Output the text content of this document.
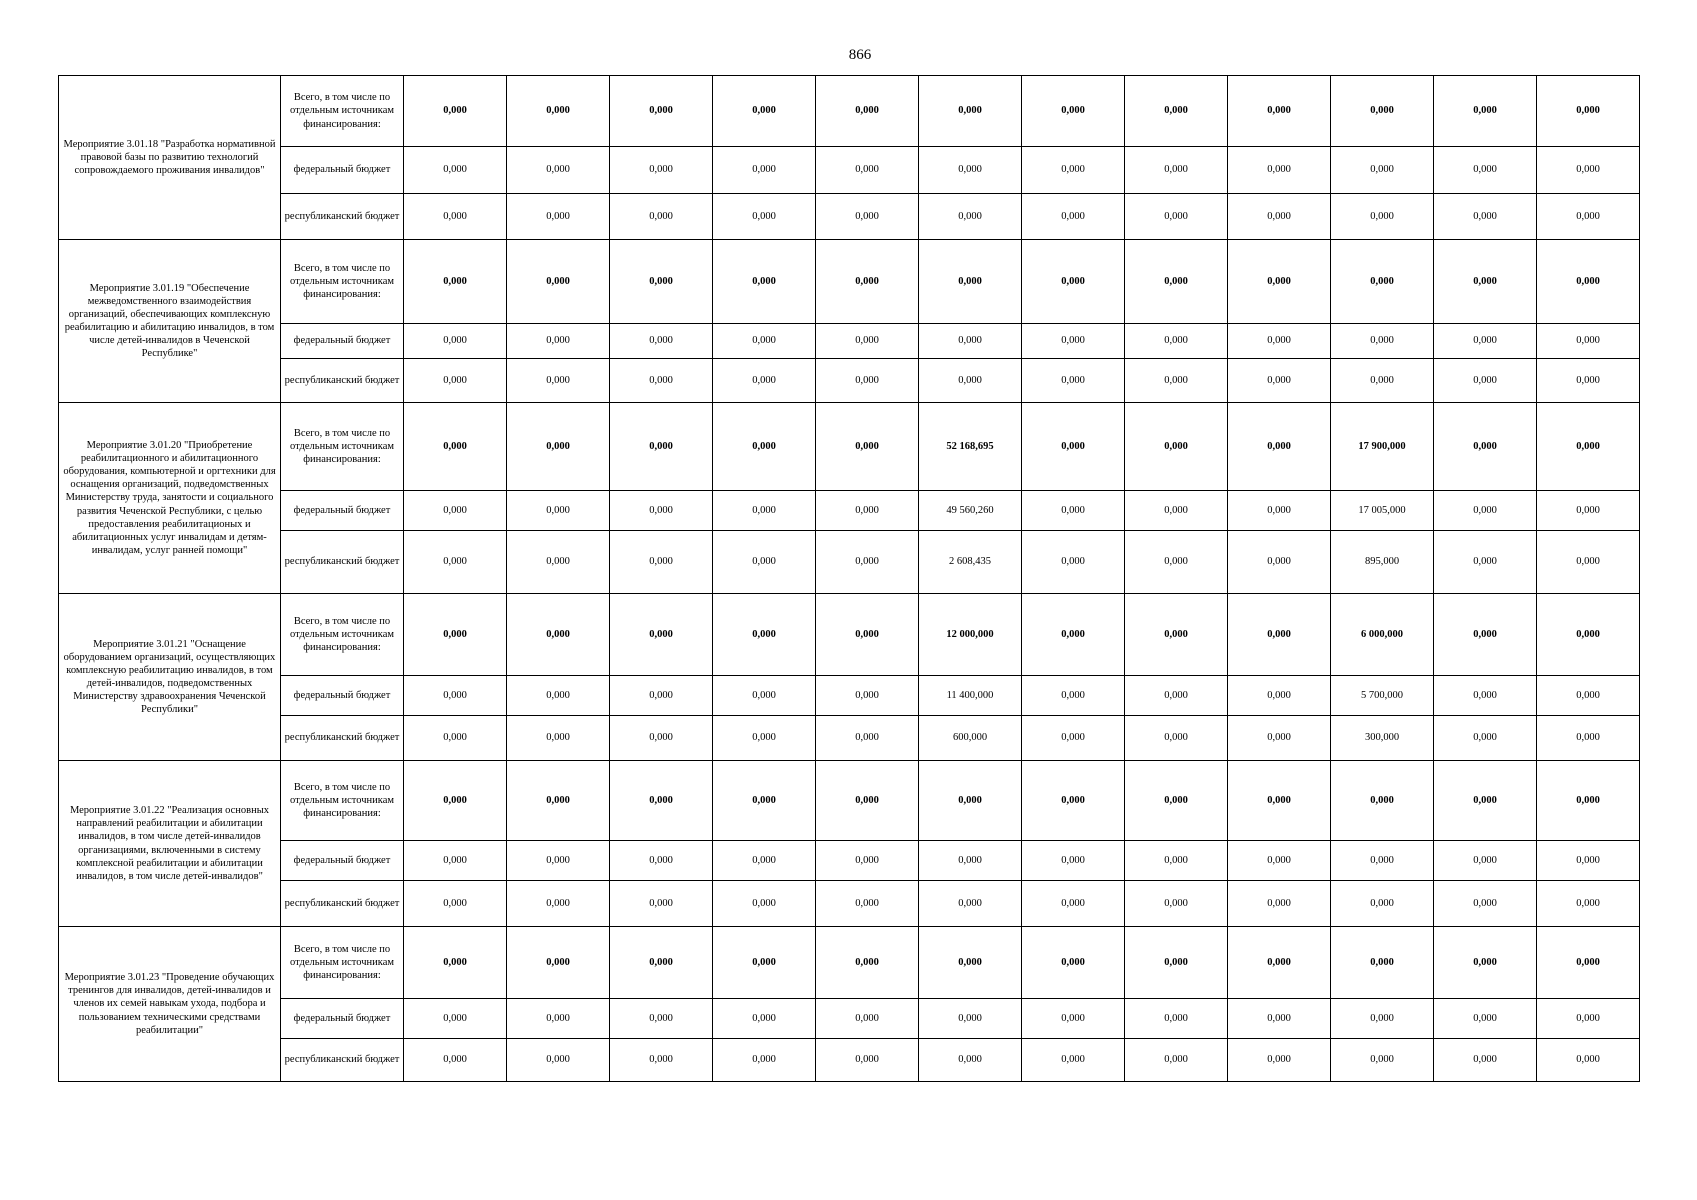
866
Мероприятие 3.01.18 "Разработка нормативной правовой базы по развитию технологий сопровождаемого проживания инвалидов"	Всего, в том числе по отдельным источникам финансирования:	0,000	0,000	0,000	0,000	0,000	0,000	0,000	0,000	0,000	0,000	0,000	0,000
	федеральный бюджет	0,000	0,000	0,000	0,000	0,000	0,000	0,000	0,000	0,000	0,000	0,000	0,000
	республиканский бюджет	0,000	0,000	0,000	0,000	0,000	0,000	0,000	0,000	0,000	0,000	0,000	0,000
Мероприятие 3.01.19 "Обеспечение межведомственного взаимодействия организаций, обеспечивающих комплексную реабилитацию и абилитацию инвалидов, в том числе детей-инвалидов в Чеченской Республике"	Всего, в том числе по отдельным источникам финансирования:	0,000	0,000	0,000	0,000	0,000	0,000	0,000	0,000	0,000	0,000	0,000	0,000
	федеральный бюджет	0,000	0,000	0,000	0,000	0,000	0,000	0,000	0,000	0,000	0,000	0,000	0,000
	республиканский бюджет	0,000	0,000	0,000	0,000	0,000	0,000	0,000	0,000	0,000	0,000	0,000	0,000
Мероприятие 3.01.20 "Приобретение реабилитационного и абилитационного оборудования, компьютерной и оргтехники для оснащения организаций, подведомственных Министерству труда, занятости и социального развития Чеченской Республики, с целью предоставления реабилитационых и абилитационных услуг инвалидам и детям-инвалидам, услуг ранней помощи"	Всего, в том числе по отдельным источникам финансирования:	0,000	0,000	0,000	0,000	0,000	52 168,695	0,000	0,000	0,000	17 900,000	0,000	0,000
	федеральный бюджет	0,000	0,000	0,000	0,000	0,000	49 560,260	0,000	0,000	0,000	17 005,000	0,000	0,000
	республиканский бюджет	0,000	0,000	0,000	0,000	0,000	2 608,435	0,000	0,000	0,000	895,000	0,000	0,000
Мероприятие 3.01.21 "Оснащение оборудованием организаций, осуществляющих комплексную реабилитацию инвалидов, в том детей-инвалидов, подведомственных Министерству здравоохранения Чеченской Республики"	Всего, в том числе по отдельным источникам финансирования:	0,000	0,000	0,000	0,000	0,000	12 000,000	0,000	0,000	0,000	6 000,000	0,000	0,000
	федеральный бюджет	0,000	0,000	0,000	0,000	0,000	11 400,000	0,000	0,000	0,000	5 700,000	0,000	0,000
	республиканский бюджет	0,000	0,000	0,000	0,000	0,000	600,000	0,000	0,000	0,000	300,000	0,000	0,000
Мероприятие 3.01.22 "Реализация основных направлений реабилитации и абилитации инвалидов, в том числе детей-инвалидов организациями, включенными в систему комплексной реабилитации и абилитации инвалидов, в том числе детей-инвалидов"	Всего, в том числе по отдельным источникам финансирования:	0,000	0,000	0,000	0,000	0,000	0,000	0,000	0,000	0,000	0,000	0,000	0,000
	федеральный бюджет	0,000	0,000	0,000	0,000	0,000	0,000	0,000	0,000	0,000	0,000	0,000	0,000
	республиканский бюджет	0,000	0,000	0,000	0,000	0,000	0,000	0,000	0,000	0,000	0,000	0,000	0,000
Мероприятие 3.01.23 "Проведение обучающих тренингов для инвалидов, детей-инвалидов и членов их семей навыкам ухода, подбора и пользованием техническими средствами реабилитации"	Всего, в том числе по отдельным источникам финансирования:	0,000	0,000	0,000	0,000	0,000	0,000	0,000	0,000	0,000	0,000	0,000	0,000
	федеральный бюджет	0,000	0,000	0,000	0,000	0,000	0,000	0,000	0,000	0,000	0,000	0,000	0,000
	республиканский бюджет	0,000	0,000	0,000	0,000	0,000	0,000	0,000	0,000	0,000	0,000	0,000	0,000
